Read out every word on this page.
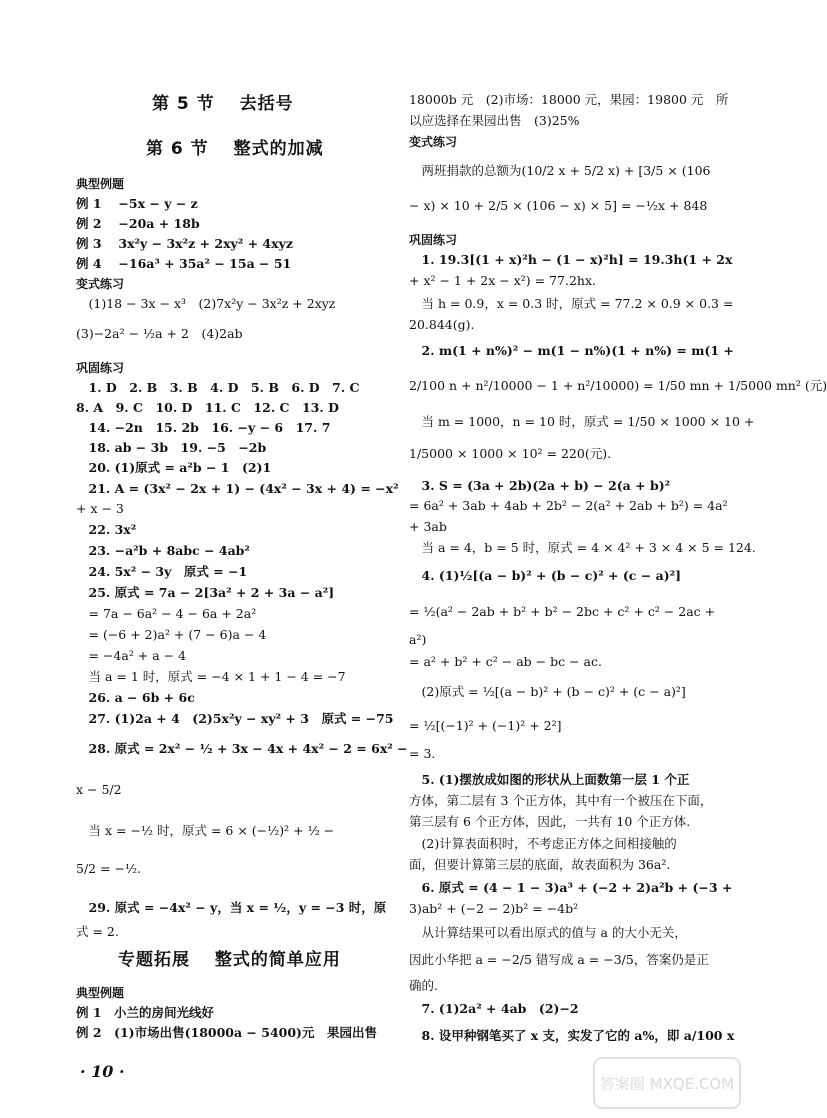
第 5 节　 去括号
第 6 节　 整式的加减
典型例题
例 1　 −5x − y − z
例 2　 −20a + 18b
例 3　 3x²y − 3x²z + 2xy² + 4xyz
例 4　 −16a³ + 35a² − 15a − 51
变式练习
　(1)18 − 3x − x³　(2)7x²y − 3x²z + 2xyz
(3)−2a² − ½a + 2　(4)2ab
巩固练习
　1. D　2. B　3. B　4. D　5. B　6. D　7. C
8. A　9. C　10. D　11. C　12. C　13. D
　14. −2n　15. 2b　16. −y − 6　17. 7
　18. ab − 3b　19. −5　−2b
　20. (1)原式 = a²b − 1　(2)1
　21. A = (3x² − 2x + 1) − (4x² − 3x + 4) = −x²
+ x − 3
　22. 3x²
　23. −a²b + 8abc − 4ab²
　24. 5x² − 3y　原式 = −1
　25. 原式 = 7a − 2[3a² + 2 + 3a − a²]
　= 7a − 6a² − 4 − 6a + 2a²
　= (−6 + 2)a² + (7 − 6)a − 4
　= −4a² + a − 4
　当 a = 1 时，原式 = −4 × 1 + 1 − 4 = −7
　26. a − 6b + 6c
　27. (1)2a + 4　(2)5x²y − xy² + 3　原式 = −75
　28. 原式 = 2x² − ½ + 3x − 4x + 4x² − 2 = 6x² −
x − 5/2
　当 x = −½ 时，原式 = 6 × (−½)² + ½ −
5/2 = −½.
　29. 原式 = −4x² − y，当 x = ½，y = −3 时，原
式 = 2.
专题拓展　 整式的简单应用
典型例题
例 1　小兰的房间光线好
例 2　(1)市场出售(18000a − 5400)元　果园出售
18000b 元　(2)市场：18000 元，果园：19800 元　所
以应选择在果园出售　(3)25%
变式练习
　两班捐款的总额为(10/2 x + 5/2 x) + [3/5 × (106
− x) × 10 + 2/5 × (106 − x) × 5] = −½x + 848
巩固练习
　1. 19.3[(1 + x)²h − (1 − x)²h] = 19.3h(1 + 2x
+ x² − 1 + 2x − x²) = 77.2hx.
　当 h = 0.9，x = 0.3 时，原式 = 77.2 × 0.9 × 0.3 =
20.844(g).
　2. m(1 + n%)² − m(1 − n%)(1 + n%) = m(1 +
2/100 n + n²/10000 − 1 + n²/10000) = 1/50 mn + 1/5000 mn² (元)
　当 m = 1000，n = 10 时，原式 = 1/50 × 1000 × 10 +
1/5000 × 1000 × 10² = 220(元).
　3. S = (3a + 2b)(2a + b) − 2(a + b)²
= 6a² + 3ab + 4ab + 2b² − 2(a² + 2ab + b²) = 4a²
+ 3ab
　当 a = 4，b = 5 时，原式 = 4 × 4² + 3 × 4 × 5 = 124.
　4. (1)½[(a − b)² + (b − c)² + (c − a)²]
= ½(a² − 2ab + b² + b² − 2bc + c² + c² − 2ac +
a²)
= a² + b² + c² − ab − bc − ac.
　(2)原式 = ½[(a − b)² + (b − c)² + (c − a)²]
= ½[(−1)² + (−1)² + 2²]
= 3.
　5. (1)摆放成如图的形状从上面数第一层 1 个正
方体，第二层有 3 个正方体，其中有一个被压在下面，
第三层有 6 个正方体，因此，一共有 10 个正方体.
　(2)计算表面积时，不考虑正方体之间相接触的
面，但要计算第三层的底面，故表面积为 36a².
　6. 原式 = (4 − 1 − 3)a³ + (−2 + 2)a²b + (−3 +
3)ab² + (−2 − 2)b² = −4b²
　从计算结果可以看出原式的值与 a 的大小无关，
因此小华把 a = −2/5 错写成 a = −3/5，答案仍是正
确的.
　7. (1)2a² + 4ab　(2)−2
　8. 设甲种钢笔买了 x 支，实发了它的 a%，即 a/100 x
· 10 ·
答案圈 MXQE.COM
